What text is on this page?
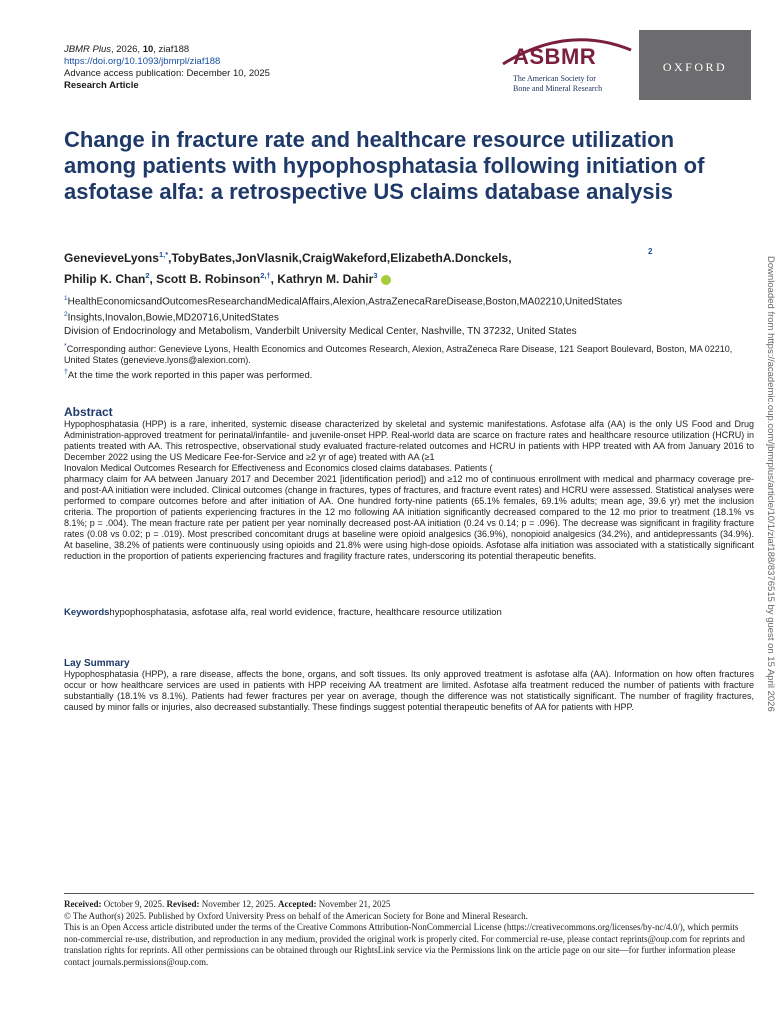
JBMR Plus, 2026, 10, ziaf188
https://doi.org/10.1093/jbmrpl/ziaf188
Advance access publication: December 10, 2025
Research Article
ASBMR
The American Society for
Bone and Mineral Research
OXFORD
Change in fracture rate and healthcare resource utilization among patients with hypophosphatasia following initiation of asfotase alfa: a retrospective US claims database analysis
GenevieveLyons$^{1,*}$,TobyBates,JonVlasnik,CraigWakeford,ElizabethA.Donckels,
Philip K. Chan$^2$, Scott B. Robinson$^{2,\dagger}$, Kathryn M. Dahir$^3$
2
$^1$HealthEconomicsandOutcomesResearchandMedicalAffairs,Alexion,AstraZenecaRareDisease,Boston,MA02210,UnitedStates
$^2$Insights,Inovalon,Bowie,MD20716,UnitedStates
Division of Endocrinology and Metabolism, Vanderbilt University Medical Center, Nashville, TN 37232, United States
*Corresponding author: Genevieve Lyons, Health Economics and Outcomes Research, Alexion, AstraZeneca Rare Disease, 121 Seaport Boulevard, Boston, MA 02210, United States (genevieve.lyons@alexion.com).
†At the time the work reported in this paper was performed.
Abstract
Hypophosphatasia (HPP) is a rare, inherited, systemic disease characterized by skeletal and systemic manifestations. Asfotase alfa (AA) is the only US Food and Drug Administration-approved treatment for perinatal/infantile- and juvenile-onset HPP. Real-world data are scarce on fracture rates and healthcare resource utilization (HCRU) in patients treated with AA. This retrospective, observational study evaluated fracture-related outcomes and HCRU in patients with HPP treated with AA from January 2016 to December 2022 using the US Medicare Fee-for-Service and ≥2 yr of age) treated with AA (≥1
Inovalon Medical Outcomes Research for Effectiveness and Economics closed claims databases. Patients (
pharmacy claim for AA between January 2017 and December 2021 [identification period]) and ≥12 mo of continuous enrollment with medical and pharmacy coverage pre- and post-AA initiation were included. Clinical outcomes (change in fractures, types of fractures, and fracture event rates) and HCRU were assessed. Statistical analyses were performed to compare outcomes before and after initiation of AA. One hundred forty-nine patients (65.1% females, 69.1% adults; mean age, 39.6 yr) met the inclusion criteria. The proportion of patients experiencing fractures in the 12 mo following AA initiation significantly decreased compared to the 12 mo prior to treatment (18.1% vs 8.1%; p = .004). The mean fracture rate per patient per year nominally decreased post-AA initiation (0.24 vs 0.14; p = .096). The decrease was significant in fragility fracture rates (0.08 vs 0.02; p = .019). Most prescribed concomitant drugs at baseline were opioid analgesics (36.9%), nonopioid analgesics (34.2%), and antidepressants (34.9%). At baseline, 38.2% of patients were continuously using opioids and 21.8% were using high-dose opioids. Asfotase alfa initiation was associated with a statistically significant reduction in the proportion of patients experiencing fractures and fragility fracture rates, underscoring its potential therapeutic benefits.
Keywordshypophosphatasia, asfotase alfa, real world evidence, fracture, healthcare resource utilization
Lay Summary
Hypophosphatasia (HPP), a rare disease, affects the bone, organs, and soft tissues. Its only approved treatment is asfotase alfa (AA). Information on how often fractures occur or how healthcare services are used in patients with HPP receiving AA treatment are limited. Asfotase alfa treatment reduced the number of patients with fracture substantially (18.1% vs 8.1%). Patients had fewer fractures per year on average, though the difference was not statistically significant. The number of fragility fractures, caused by minor falls or injuries, also decreased substantially. These findings suggest potential therapeutic benefits of AA for patients with HPP.
Received: October 9, 2025. Revised: November 12, 2025. Accepted: November 21, 2025
© The Author(s) 2025. Published by Oxford University Press on behalf of the American Society for Bone and Mineral Research.
This is an Open Access article distributed under the terms of the Creative Commons Attribution-NonCommercial License (https://creativecommons.org/licenses/by-nc/4.0/), which permits non-commercial re-use, distribution, and reproduction in any medium, provided the original work is properly cited. For commercial re-use, please contact reprints@oup.com for reprints and translation rights for reprints. All other permissions can be obtained through our RightsLink service via the Permissions link on the article page on our site—for further information please contact journals.permissions@oup.com.
Downloaded from https://academic.oup.com/jbmrplus/article/10/1/ziaf188/8376515 by guest on 15 April 2026
